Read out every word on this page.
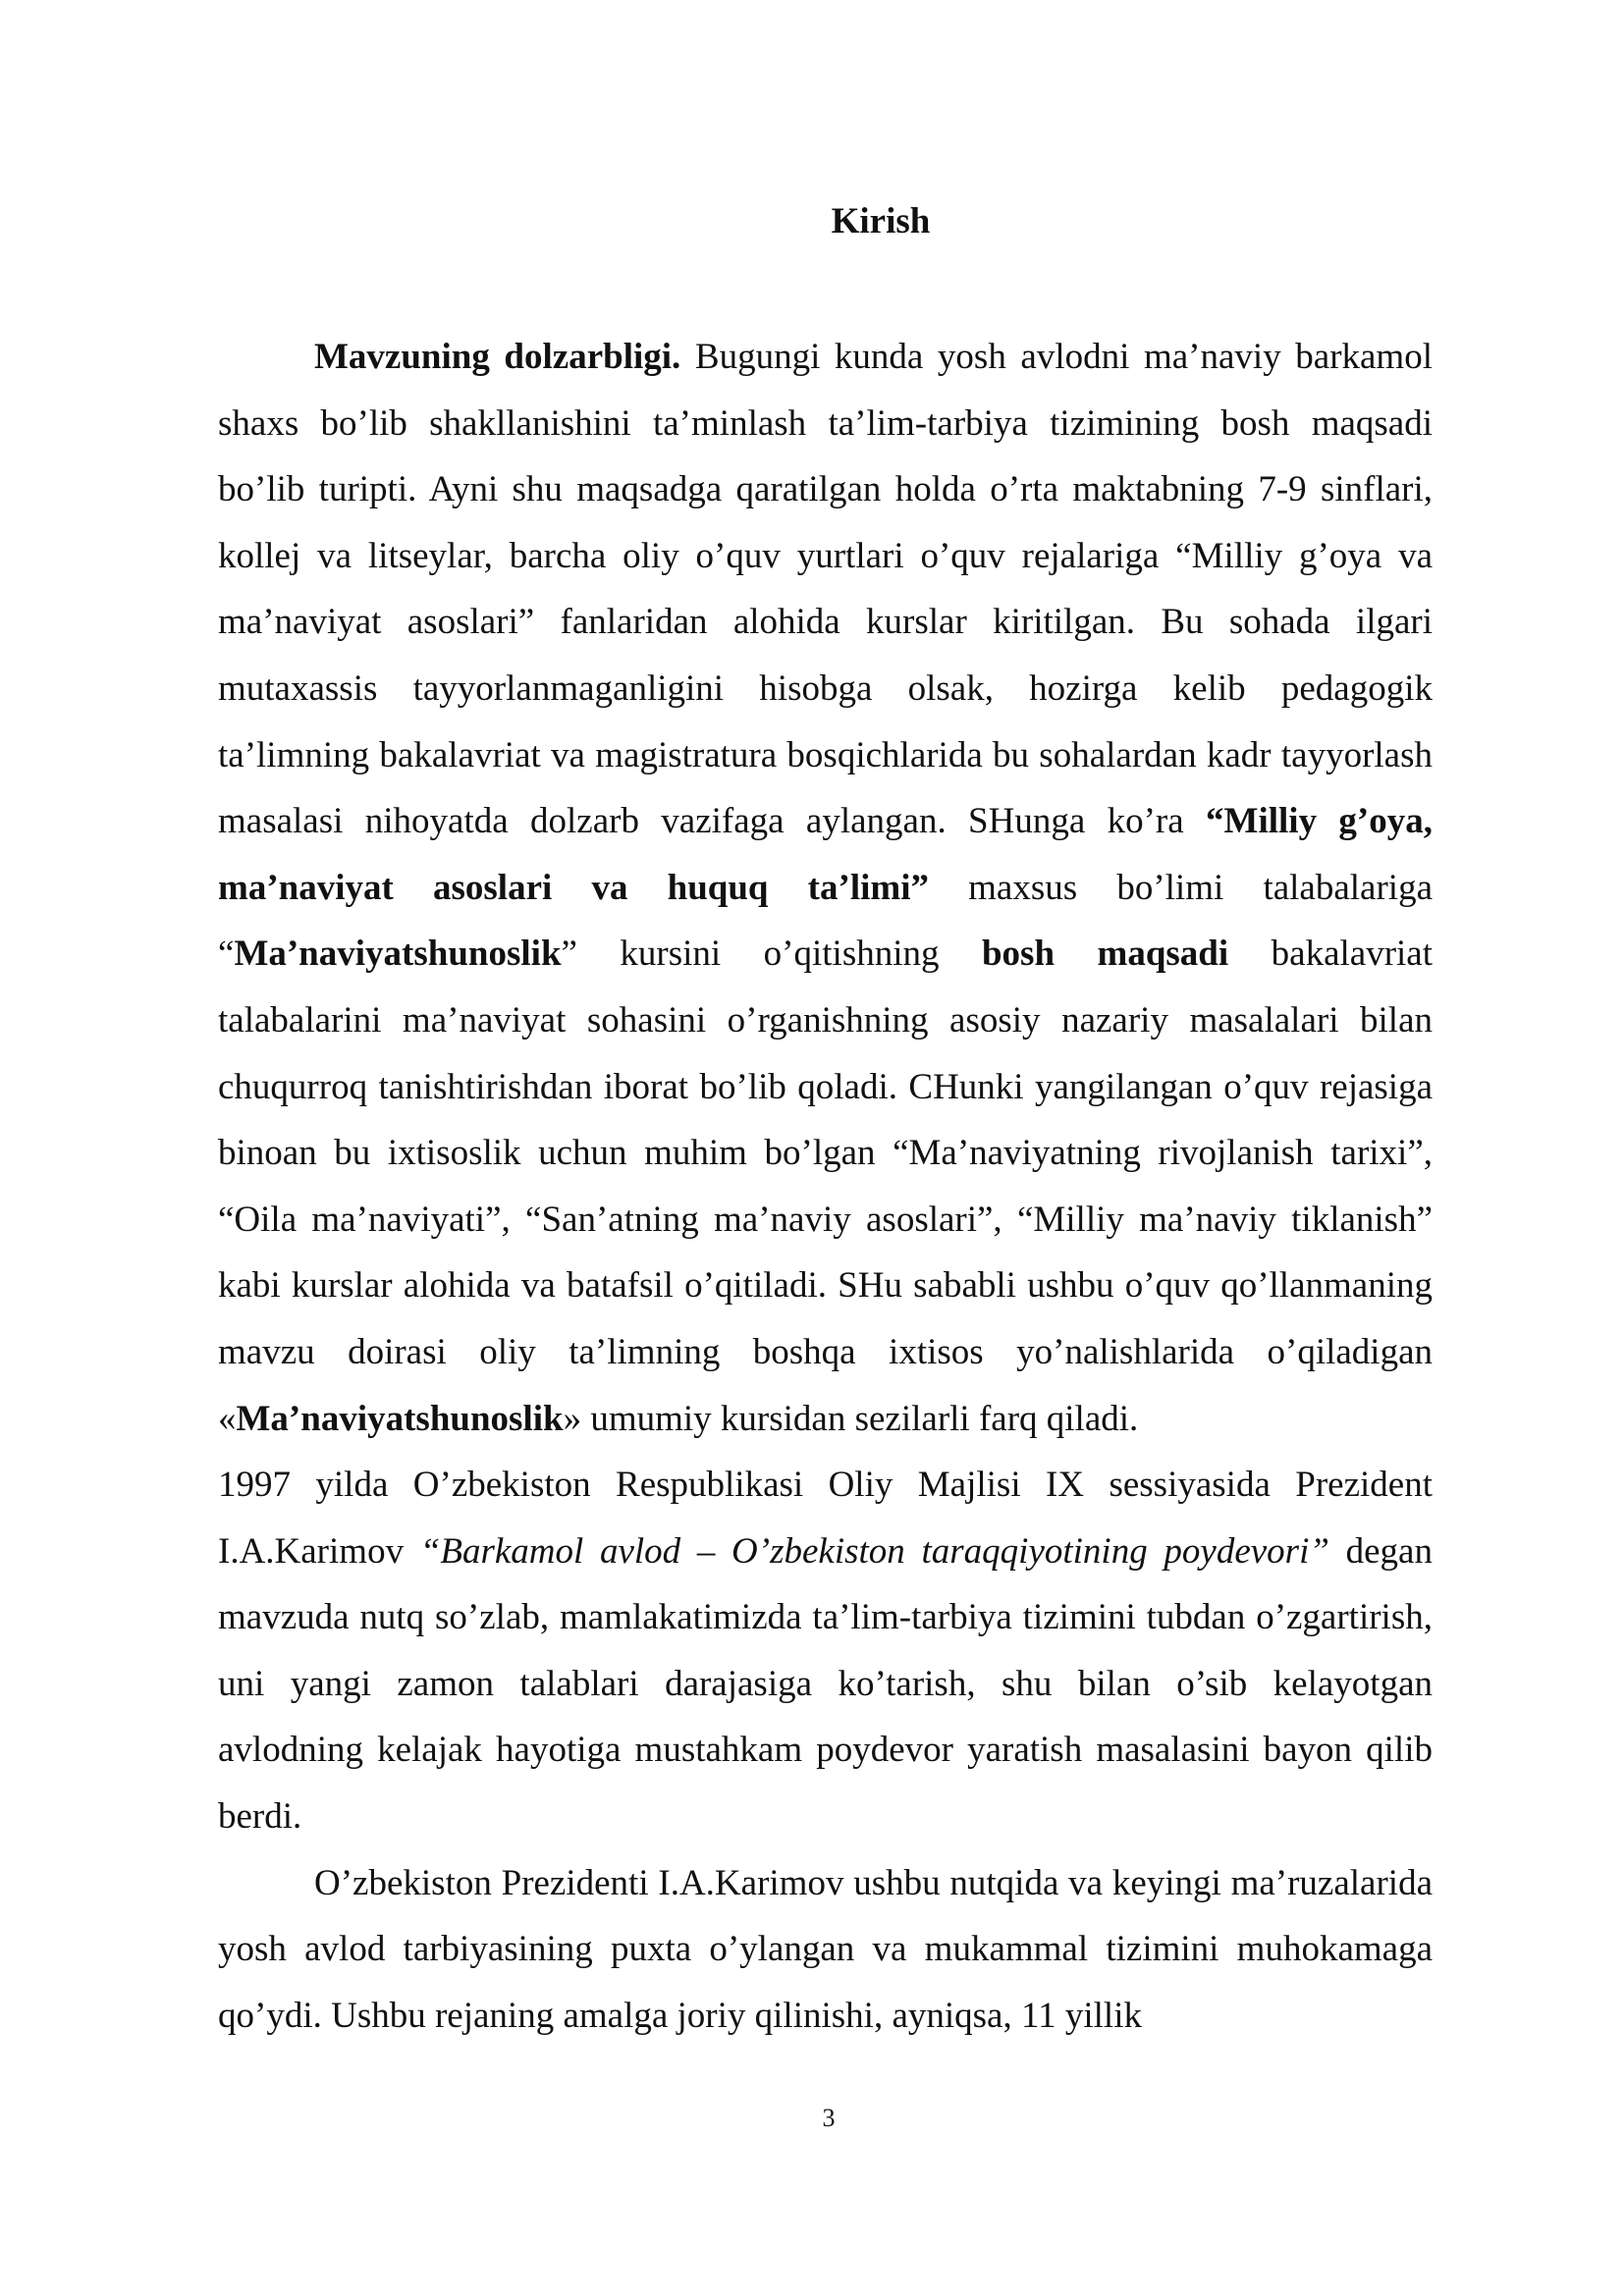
Kirish

Mavzuning dolzarbligi. Bugungi kunda yosh avlodni ma’naviy barkamol shaxs bo’lib shakllanishini ta’minlash ta’lim-tarbiya tizimining bosh maqsadi bo’lib turipti. Ayni shu maqsadga qaratilgan holda o’rta maktabning 7-9 sinflari, kollej va litseylar, barcha oliy o’quv yurtlari o’quv rejalariga “Milliy g’oya va ma’naviyat asoslari” fanlaridan alohida kurslar kiritilgan. Bu sohada ilgari mutaxassis tayyorlanmaganligini hisobga olsak, hozirga kelib pedagogik ta’limning bakalavriat va magistratura bosqichlarida bu sohalardan kadr tayyorlash masalasi nihoyatda dolzarb vazifaga aylangan. SHunga ko’ra “Milliy g’oya, ma’naviyat asoslari va huquq ta’limi” maxsus bo’limi talabalariga “Ma’naviyatshunoslik” kursini o’qitishning bosh maqsadi bakalavriat talabalarini ma’naviyat sohasini o’rganishning asosiy nazariy masalalari bilan chuqurroq tanishtirishdan iborat bo’lib qoladi. CHunki yangilangan o’quv rejasiga binoan bu ixtisoslik uchun muhim bo’lgan “Ma’naviyatning rivojlanish tarixi”, “Oila ma’naviyati”, “San’atning ma’naviy asoslari”, “Milliy ma’naviy tiklanish” kabi kurslar alohida va batafsil o’qitiladi. SHu sababli ushbu o’quv qo’llanmaning mavzu doirasi oliy ta’limning boshqa ixtisos yo’nalishlarida o’qiladigan «Ma’naviyatshunoslik» umumiy kursidan sezilarli farq qiladi.

1997 yilda O’zbekiston Respublikasi Oliy Majlisi IX sessiyasida Prezident I.A.Karimov “Barkamol avlod – O’zbekiston taraqqiyotining poydevori” degan mavzuda nutq so’zlab, mamlakatimizda ta’lim-tarbiya tizimini tubdan o’zgartirish, uni yangi zamon talablari darajasiga ko’tarish, shu bilan o’sib kelayotgan avlodning kelajak hayotiga mustahkam poydevor yaratish masalasini bayon qilib berdi.

O’zbekiston Prezidenti I.A.Karimov ushbu nutqida va keyingi ma’ruzalarida yosh avlod tarbiyasining puxta o’ylangan va mukammal tizimini muhokamaga qo’ydi. Ushbu rejaning amalga joriy qilinishi, ayniqsa, 11 yillik

3
